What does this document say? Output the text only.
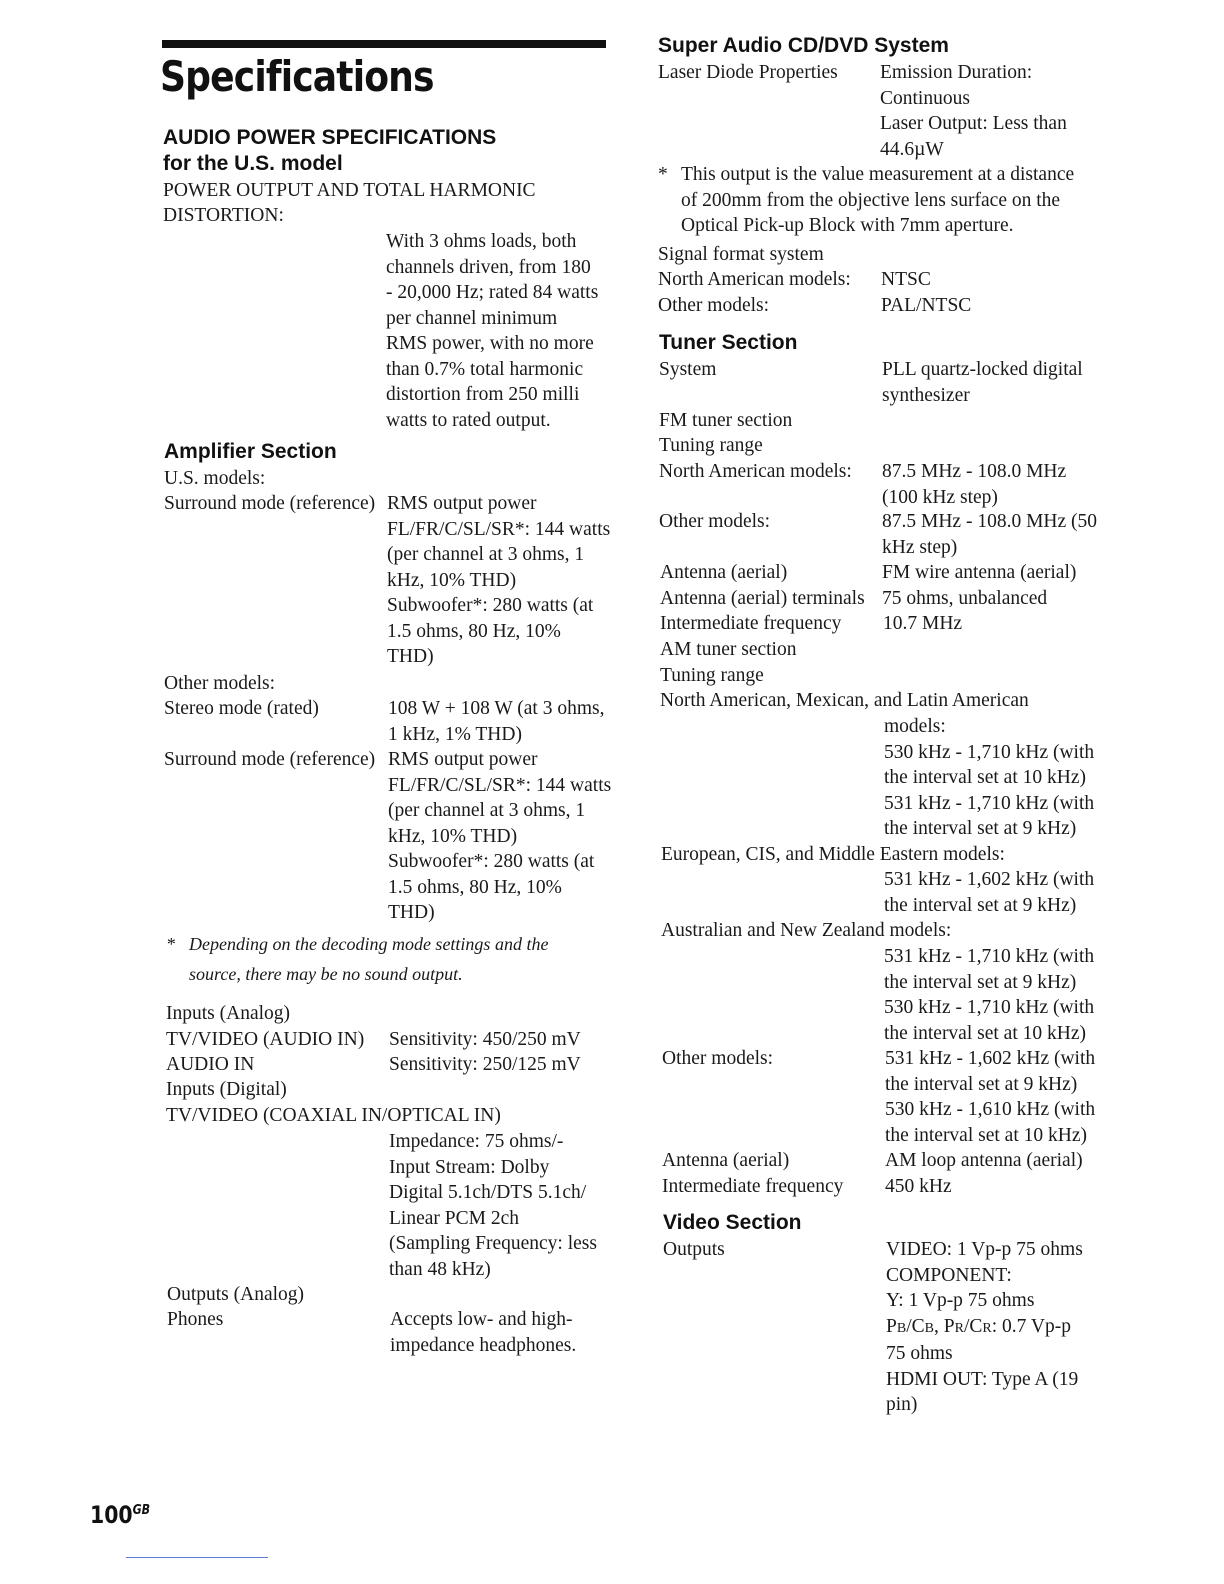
Specifications
AUDIO POWER SPECIFICATIONS
for the U.S. model
POWER OUTPUT AND TOTAL HARMONIC
DISTORTION:
With 3 ohms loads, both
channels driven, from 180
- 20,000 Hz; rated 84 watts
per channel minimum
RMS power, with no more
than 0.7% total harmonic
distortion from 250 milli
watts to rated output.
Amplifier Section
U.S. models:
Surround mode (reference) RMS output power
FL/FR/C/SL/SR*: 144 watts
(per channel at 3 ohms, 1
kHz, 10% THD)
Subwoofer*: 280 watts (at
1.5 ohms, 80 Hz, 10%
THD)
Other models:
Stereo mode (rated)	108 W + 108 W (at 3 ohms,
1 kHz, 1% THD)
Surround mode (reference) RMS output power
FL/FR/C/SL/SR*: 144 watts
(per channel at 3 ohms, 1
kHz, 10% THD)
Subwoofer*: 280 watts (at
1.5 ohms, 80 Hz, 10%
THD)
* Depending on the decoding mode settings and the
source, there may be no sound output.
Inputs (Analog)
TV/VIDEO (AUDIO IN) Sensitivity: 450/250 mV
AUDIO IN	Sensitivity: 250/125 mV
Inputs (Digital)
TV/VIDEO (COAXIAL IN/OPTICAL IN)
Impedance: 75 ohms/-
Input Stream: Dolby
Digital 5.1ch/DTS 5.1ch/
Linear PCM 2ch
(Sampling Frequency: less
than 48 kHz)
Outputs (Analog)
Phones	Accepts low- and high-
impedance headphones.
Super Audio CD/DVD System
Laser Diode Properties Emission Duration:
Continuous
Laser Output: Less than
44.6µW
* This output is the value measurement at a distance
of 200mm from the objective lens surface on the
Optical Pick-up Block with 7mm aperture.
Signal format system
North American models: NTSC
Other models:	PAL/NTSC
Tuner Section
System	PLL quartz-locked digital
synthesizer
FM tuner section
Tuning range
North American models: 87.5 MHz - 108.0 MHz
(100 kHz step)
Other models:	87.5 MHz - 108.0 MHz (50
kHz step)
Antenna (aerial)	FM wire antenna (aerial)
Antenna (aerial) terminals 75 ohms, unbalanced
Intermediate frequency 10.7 MHz
AM tuner section
Tuning range
North American, Mexican, and Latin American
models:
530 kHz - 1,710 kHz (with
the interval set at 10 kHz)
531 kHz - 1,710 kHz (with
the interval set at 9 kHz)
European, CIS, and Middle Eastern models:
531 kHz - 1,602 kHz (with
the interval set at 9 kHz)
Australian and New Zealand models:
531 kHz - 1,710 kHz (with
the interval set at 9 kHz)
530 kHz - 1,710 kHz (with
the interval set at 10 kHz)
Other models:	531 kHz - 1,602 kHz (with
the interval set at 9 kHz)
530 kHz - 1,610 kHz (with
the interval set at 10 kHz)
Antenna (aerial)	AM loop antenna (aerial)
Intermediate frequency 450 kHz
Video Section
Outputs	VIDEO: 1 Vp-p 75 ohms
COMPONENT:
Y: 1 Vp-p 75 ohms
PB/CB, PR/CR: 0.7 Vp-p
75 ohms
HDMI OUT: Type A (19
pin)
$100^{GB}$
